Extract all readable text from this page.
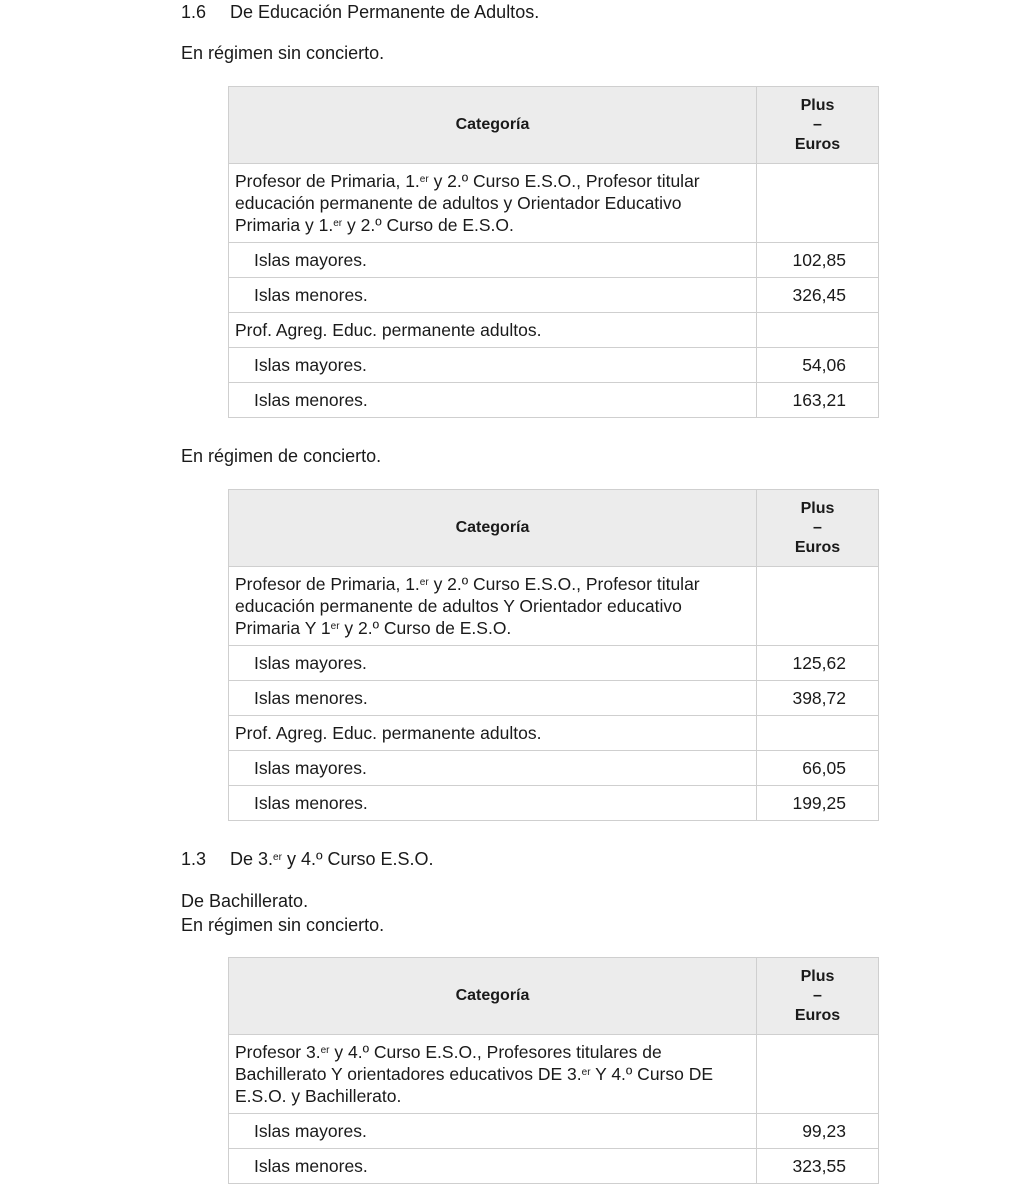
1.6 De Educación Permanente de Adultos.
En régimen sin concierto.
Categoría	Plus
–
Euros

Profesor de Primaria, 1.$^{er}$ y 2.º Curso E.S.O., Profesor titular educación permanente de adultos y Orientador Educativo Primaria y 1.$^{er}$ y 2.º Curso de E.S.O.	
Islas mayores.	102,85
Islas menores.	326,45
Prof. Agreg. Educ. permanente adultos.	
Islas mayores.	54,06
Islas menores.	163,21
En régimen de concierto.
Categoría	Plus
–
Euros

Profesor de Primaria, 1.$^{er}$ y 2.º Curso E.S.O., Profesor titular educación permanente de adultos Y Orientador educativo Primaria Y 1er y 2.º Curso de E.S.O.	
Islas mayores.	125,62
Islas menores.	398,72
Prof. Agreg. Educ. permanente adultos.	
Islas mayores.	66,05
Islas menores.	199,25
1.3 De 3.$^{er}$ y 4.º Curso E.S.O.
De Bachillerato.
En régimen sin concierto.
Categoría	Plus
–
Euros

Profesor 3.$^{er}$ y 4.º Curso E.S.O., Profesores titulares de Bachillerato Y orientadores educativos DE 3.$^{er}$ Y 4.º Curso DE E.S.O. y Bachillerato.	
Islas mayores.	99,23
Islas menores.	323,55
